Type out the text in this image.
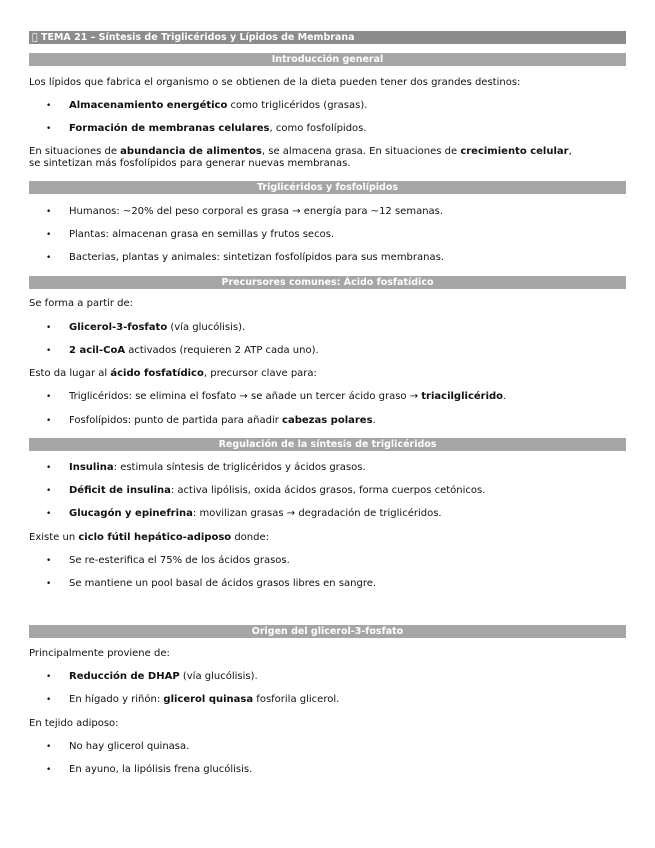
TEMA 21 – Síntesis de Triglicéridos y Lípidos de Membrana
Introducción general
Los lípidos que fabrica el organismo o se obtienen de la dieta pueden tener dos grandes destinos:
• Almacenamiento energético como triglicéridos (grasas).
• Formación de membranas celulares, como fosfolípidos.
En situaciones de abundancia de alimentos, se almacena grasa. En situaciones de crecimiento celular,
se sintetizan más fosfolípidos para generar nuevas membranas.
Triglicéridos y fosfolípidos
• Humanos: ~20% del peso corporal es grasa → energía para ~12 semanas.
• Plantas: almacenan grasa en semillas y frutos secos.
• Bacterias, plantas y animales: sintetizan fosfolípidos para sus membranas.
Precursores comunes: Ácido fosfatídico
Se forma a partir de:
• Glicerol-3-fosfato (vía glucólisis).
• 2 acil-CoA activados (requieren 2 ATP cada uno).
Esto da lugar al ácido fosfatídico, precursor clave para:
• Triglicéridos: se elimina el fosfato → se añade un tercer ácido graso → triacilglicérido.
• Fosfolípidos: punto de partida para añadir cabezas polares.
Regulación de la síntesis de triglicéridos
• Insulina: estimula síntesis de triglicéridos y ácidos grasos.
• Déficit de insulina: activa lipólisis, oxida ácidos grasos, forma cuerpos cetónicos.
• Glucagón y epinefrina: movilizan grasas → degradación de triglicéridos.
Existe un ciclo fútil hepático-adiposo donde:
• Se re-esterifica el 75% de los ácidos grasos.
• Se mantiene un pool basal de ácidos grasos libres en sangre.
Origen del glicerol-3-fosfato
Principalmente proviene de:
• Reducción de DHAP (vía glucólisis).
• En hígado y riñón: glicerol quinasa fosforila glicerol.
En tejido adiposo:
• No hay glicerol quinasa.
• En ayuno, la lipólisis frena glucólisis.
